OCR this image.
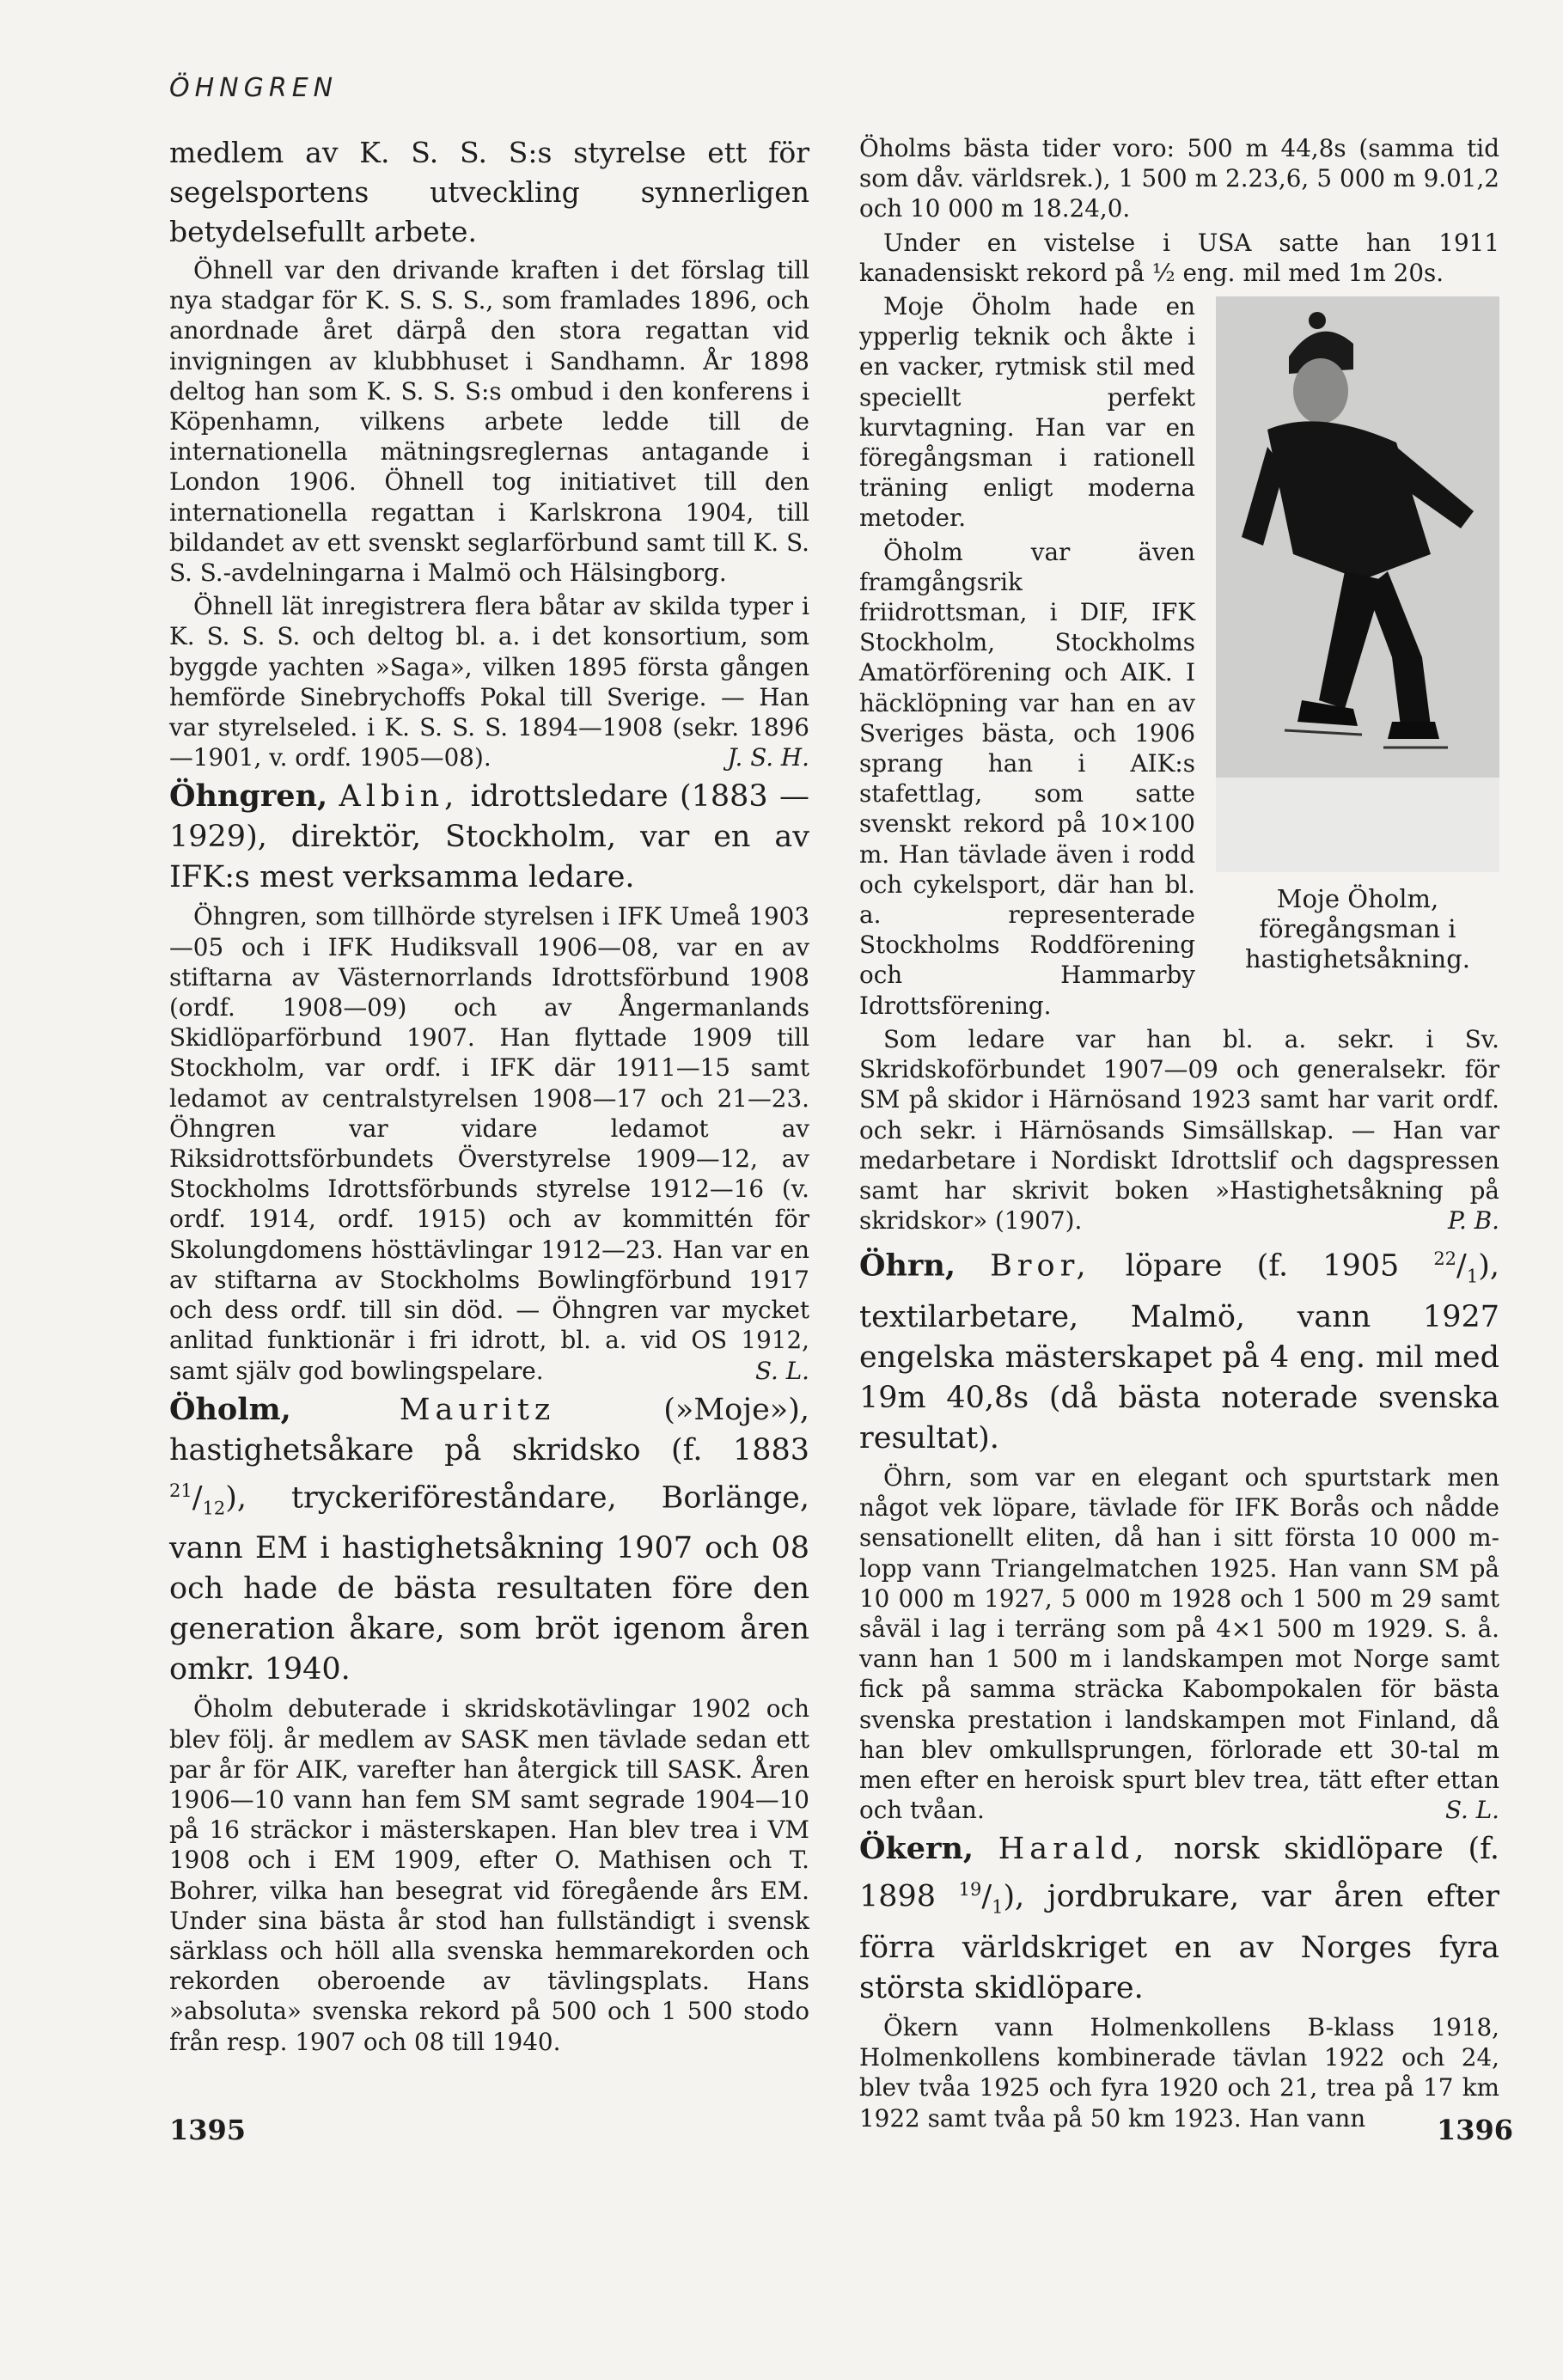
ÖHNGREN

medlem av K. S. S. S:s styrelse ett för segelsportens utveckling synnerligen betydelsefullt arbete.

Öhnell var den drivande kraften i det förslag till nya stadgar för K. S. S. S., som framlades 1896, och anordnade året därpå den stora regattan vid invigningen av klubbhuset i Sandhamn. År 1898 deltog han som K. S. S. S:s ombud i den konferens i Köpenhamn, vilkens arbete ledde till de internationella mätningsreglernas antagande i London 1906. Öhnell tog initiativet till den internationella regattan i Karlskrona 1904, till bildandet av ett svenskt seglarförbund samt till K. S. S. S.-avdelningarna i Malmö och Hälsingborg.

Öhnell lät inregistrera flera båtar av skilda typer i K. S. S. S. och deltog bl. a. i det konsortium, som byggde yachten »Saga», vilken 1895 första gången hemförde Sinebrychoffs Pokal till Sverige. — Han var styrelseled. i K. S. S. S. 1894—1908 (sekr. 1896—1901, v. ordf. 1905—08).	J. S. H.

Öhngren, Albin, idrottsledare (1883 —1929), direktör, Stockholm, var en av IFK:s mest verksamma ledare.

Öhngren, som tillhörde styrelsen i IFK Umeå 1903—05 och i IFK Hudiksvall 1906—08, var en av stiftarna av Västernorrlands Idrottsförbund 1908 (ordf. 1908—09) och av Ångermanlands Skidlöparförbund 1907. Han flyttade 1909 till Stockholm, var ordf. i IFK där 1911—15 samt ledamot av centralstyrelsen 1908—17 och 21—23. Öhngren var vidare ledamot av Riksidrottsförbundets Överstyrelse 1909—12, av Stockholms Idrottsförbunds styrelse 1912—16 (v. ordf. 1914, ordf. 1915) och av kommittén för Skolungdomens hösttävlingar 1912—23. Han var en av stiftarna av Stockholms Bowlingförbund 1917 och dess ordf. till sin död. — Öhngren var mycket anlitad funktionär i fri idrott, bl. a. vid OS 1912, samt själv god bowlingspelare.	S. L.

Öholm,	Mauritz (»Moje»), hastighetsåkare på skridsko (f. 1883 $^{21}/_{12}$), tryckeriföreståndare, Borlänge, vann EM i hastighetsåkning 1907 och 08 och hade de bästa resultaten före den generation åkare, som bröt igenom åren omkr. 1940.

Öholm debuterade i skridskotävlingar 1902 och blev följ. år medlem av SASK men tävlade sedan ett par år för AIK, varefter han återgick till SASK. Åren 1906—10 vann han fem SM samt segrade 1904—10 på 16 sträckor i mästerskapen. Han blev trea i VM 1908 och i EM 1909, efter O. Mathisen och T. Bohrer, vilka han besegrat vid föregående års EM. Under sina bästa år stod han fullständigt i svensk särklass och höll alla svenska hemmarekorden och rekorden oberoende av tävlingsplats. Hans »absoluta» svenska rekord på 500 och 1 500 stodo från resp. 1907 och 08 till 1940.

Öholms bästa tider voro: 500 m 44,8s (samma tid som dåv. världsrek.), 1 500 m 2.23,6, 5 000 m 9.01,2 och 10 000 m 18.24,0.

Under en vistelse i USA satte han 1911 kanadensiskt rekord på ½ eng. mil med 1m 20s.

Moje Öholm, föregångsman i hastighetsåkning.

Moje Öholm hade en ypperlig teknik och åkte i en vacker, rytmisk stil med speciellt perfekt kurvtagning. Han var en föregångsman i rationell träning enligt moderna metoder.

Öholm var även framgångsrik friidrottsman, i DIF, IFK Stockholm, Stockholms Amatörförening och AIK. I häcklöpning var han en av Sveriges bästa, och 1906 sprang han i AIK:s stafettlag, som satte svenskt rekord på 10×100 m. Han tävlade även i rodd och cykelsport, där han bl. a. representerade Stockholms Roddförening och Hammarby Idrottsförening.

Som ledare var han bl. a. sekr. i Sv. Skridskoförbundet 1907—09 och generalsekr. för SM på skidor i Härnösand 1923 samt har varit ordf. och sekr. i Härnösands Simsällskap. — Han var medarbetare i Nordiskt Idrottslif och dagspressen samt har skrivit boken »Hastighetsåkning på skridskor» (1907).	P. B.

Öhrn, Bror, löpare (f. 1905 $^{22}/_1$), textilarbetare, Malmö, vann 1927 engelska mästerskapet på 4 eng. mil med 19m 40,8s (då bästa noterade svenska resultat).

Öhrn, som var en elegant och spurtstark men något vek löpare, tävlade för IFK Borås och nådde sensationellt eliten, då han i sitt första 10 000 m-lopp vann Triangelmatchen 1925. Han vann SM på 10 000 m 1927, 5 000 m 1928 och 1 500 m 29 samt såväl i lag i terräng som på 4×1 500 m 1929. S. å. vann han 1 500 m i landskampen mot Norge samt fick på samma sträcka Kabompokalen för bästa svenska prestation i landskampen mot Finland, då han blev omkullsprungen, förlorade ett 30-tal m men efter en heroisk spurt blev trea, tätt efter ettan och tvåan.	S. L.

Ökern, Harald, norsk skidlöpare (f. 1898 $^{19}/_1$), jordbrukare, var åren efter förra världskriget en av Norges fyra största skidlöpare.

Ökern vann Holmenkollens B-klass 1918, Holmenkollens kombinerade tävlan 1922 och 24, blev tvåa 1925 och fyra 1920 och 21, trea på 17 km 1922 samt tvåa på 50 km 1923. Han vann

1395	1396
